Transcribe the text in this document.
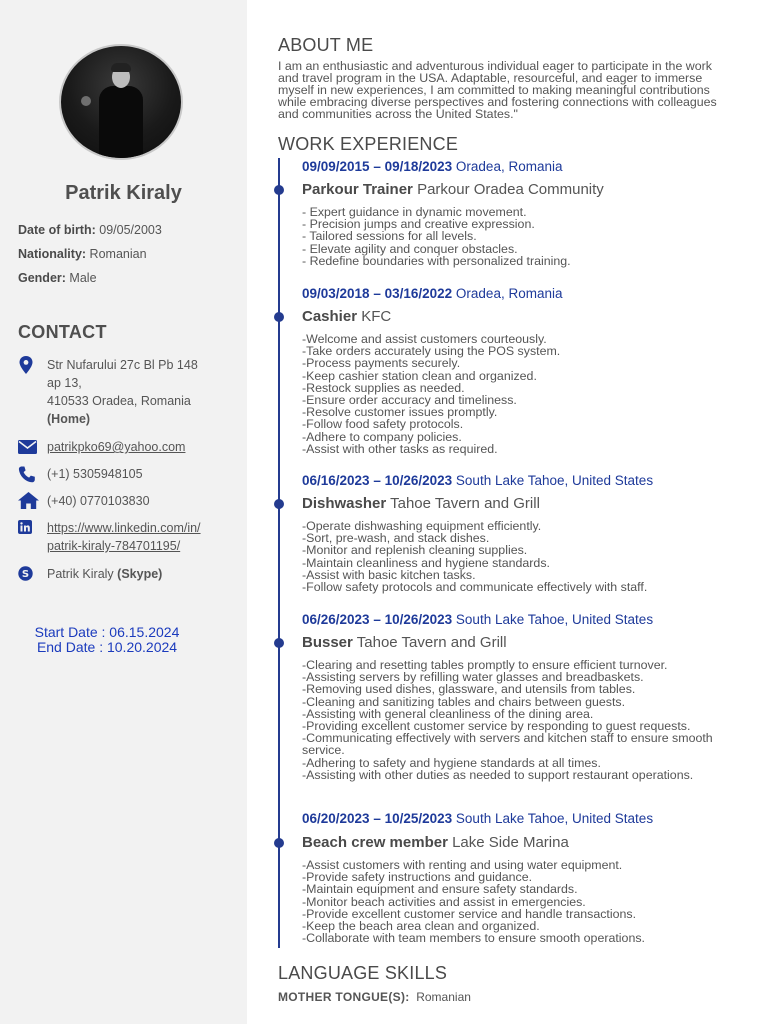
Patrik Kiraly
Date of birth: 09/05/2003
Nationality: Romanian
Gender: Male
CONTACT
Str Nufarului 27c Bl Pb 148
ap 13,
410533 Oradea, Romania
(Home)
patrikpko69@yahoo.com
(+1) 5305948105
(+40) 0770103830
https://www.linkedin.com/in/
patrik-kiraly-784701195/
S Patrik Kiraly (Skype)
Start Date : 06.15.2024
End Date : 10.20.2024
ABOUT ME
I am an enthusiastic and adventurous individual eager to participate in the work and travel program in the USA. Adaptable, resourceful, and eager to immerse myself in new experiences, I am committed to making meaningful contributions while embracing diverse perspectives and fostering connections with colleagues and communities across the United States."
WORK EXPERIENCE
09/09/2015 – 09/18/2023 Oradea, Romania
Parkour Trainer Parkour Oradea Community
- Expert guidance in dynamic movement.
- Precision jumps and creative expression.
- Tailored sessions for all levels.
- Elevate agility and conquer obstacles.
- Redefine boundaries with personalized training.
09/03/2018 – 03/16/2022 Oradea, Romania
Cashier KFC
-Welcome and assist customers courteously.
-Take orders accurately using the POS system.
-Process payments securely.
-Keep cashier station clean and organized.
-Restock supplies as needed.
-Ensure order accuracy and timeliness.
-Resolve customer issues promptly.
-Follow food safety protocols.
-Adhere to company policies.
-Assist with other tasks as required.
06/16/2023 – 10/26/2023 South Lake Tahoe, United States
Dishwasher Tahoe Tavern and Grill
-Operate dishwashing equipment efficiently.
-Sort, pre-wash, and stack dishes.
-Monitor and replenish cleaning supplies.
-Maintain cleanliness and hygiene standards.
-Assist with basic kitchen tasks.
-Follow safety protocols and communicate effectively with staff.
06/26/2023 – 10/26/2023 South Lake Tahoe, United States
Busser Tahoe Tavern and Grill
-Clearing and resetting tables promptly to ensure efficient turnover.
-Assisting servers by refilling water glasses and breadbaskets.
-Removing used dishes, glassware, and utensils from tables.
-Cleaning and sanitizing tables and chairs between guests.
-Assisting with general cleanliness of the dining area.
-Providing excellent customer service by responding to guest requests.
-Communicating effectively with servers and kitchen staff to ensure smooth service.
-Adhering to safety and hygiene standards at all times.
-Assisting with other duties as needed to support restaurant operations.
06/20/2023 – 10/25/2023 South Lake Tahoe, United States
Beach crew member Lake Side Marina
-Assist customers with renting and using water equipment.
-Provide safety instructions and guidance.
-Maintain equipment and ensure safety standards.
-Monitor beach activities and assist in emergencies.
-Provide excellent customer service and handle transactions.
-Keep the beach area clean and organized.
-Collaborate with team members to ensure smooth operations.
LANGUAGE SKILLS
MOTHER TONGUE(S): Romanian
